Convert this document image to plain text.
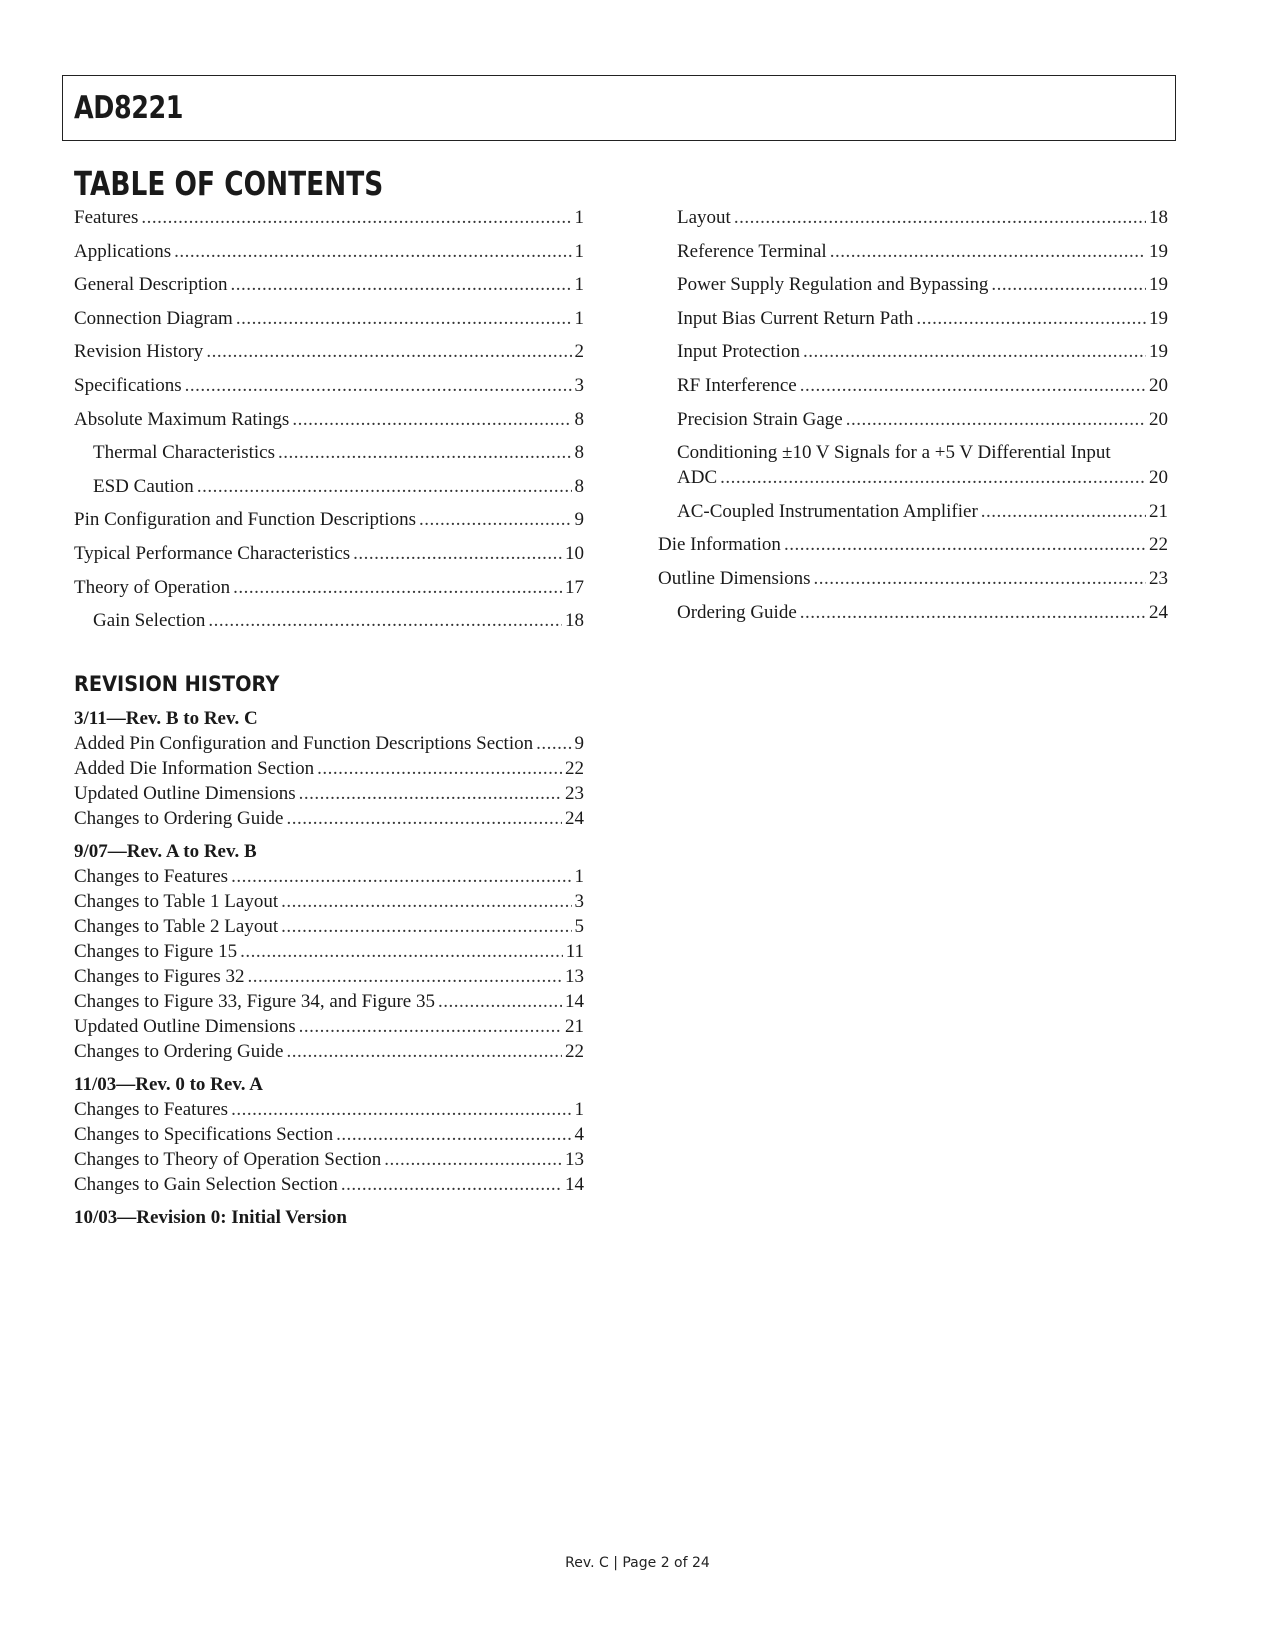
AD8221
TABLE OF CONTENTS
Features .....	1
Applications .....	1
General Description .....	1
Connection Diagram .....	1
Revision History .....	2
Specifications .....	3
Absolute Maximum Ratings .....	8
Thermal Characteristics .....	8
ESD Caution .....	8
Pin Configuration and Function Descriptions .....	9
Typical Performance Characteristics .....	10
Theory of Operation .....	17
Gain Selection .....	18
Layout .....	18
Reference Terminal .....	19
Power Supply Regulation and Bypassing .....	19
Input Bias Current Return Path .....	19
Input Protection .....	19
RF Interference .....	20
Precision Strain Gage .....	20
Conditioning ±10 V Signals for a +5 V Differential Input
ADC .....	20
AC-Coupled Instrumentation Amplifier .....	21
Die Information .....	22
Outline Dimensions .....	23
Ordering Guide .....	24
REVISION HISTORY
3/11—Rev. B to Rev. C
Added Pin Configuration and Function Descriptions Section ..... 9
Added Die Information Section .....	22
Updated Outline Dimensions .....	23
Changes to Ordering Guide .....	24
9/07—Rev. A to Rev. B
Changes to Features .....	1
Changes to Table 1 Layout .....	3
Changes to Table 2 Layout .....	5
Changes to Figure 15 .....	11
Changes to Figures 32 .....	13
Changes to Figure 33, Figure 34, and Figure 35 .....	14
Updated Outline Dimensions .....	21
Changes to Ordering Guide .....	22
11/03—Rev. 0 to Rev. A
Changes to Features .....	1
Changes to Specifications Section .....	4
Changes to Theory of Operation Section .....	13
Changes to Gain Selection Section .....	14
10/03—Revision 0: Initial Version
Rev. C | Page 2 of 24
